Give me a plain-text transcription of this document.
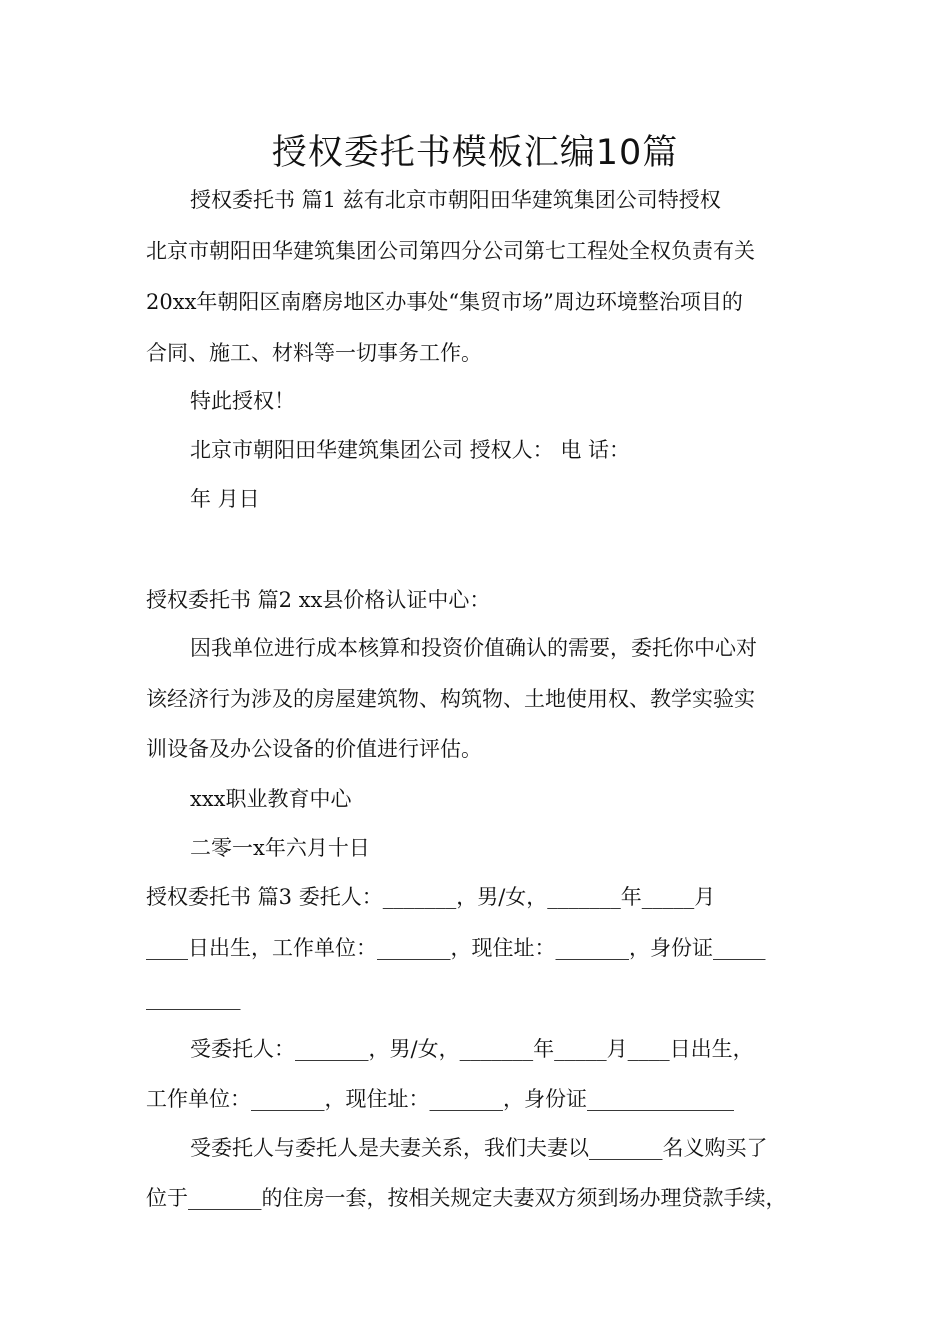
授权委托书模板汇编10篇
授权委托书 篇1 兹有北京市朝阳田华建筑集团公司特授权
北京市朝阳田华建筑集团公司第四分公司第七工程处全权负责有关
20xx年朝阳区南磨房地区办事处“集贸市场”周边环境整治项目的
合同、施工、材料等一切事务工作。
特此授权！
北京市朝阳田华建筑集团公司 授权人： 电 话：
年 月日
授权委托书 篇2 xx县价格认证中心：
因我单位进行成本核算和投资价值确认的需要，委托你中心对
该经济行为涉及的房屋建筑物、构筑物、土地使用权、教学实验实
训设备及办公设备的价值进行评估。
xxx职业教育中心
二零一x年六月十日
授权委托书 篇3 委托人：_______，男/女，_______年_____月
____日出生，工作单位：_______，现住址：_______，身份证_____
_________
受委托人：_______，男/女，_______年_____月____日出生，
工作单位：_______，现住址：_______，身份证______________
受委托人与委托人是夫妻关系，我们夫妻以_______名义购买了
位于_______的住房一套，按相关规定夫妻双方须到场办理贷款手续，
